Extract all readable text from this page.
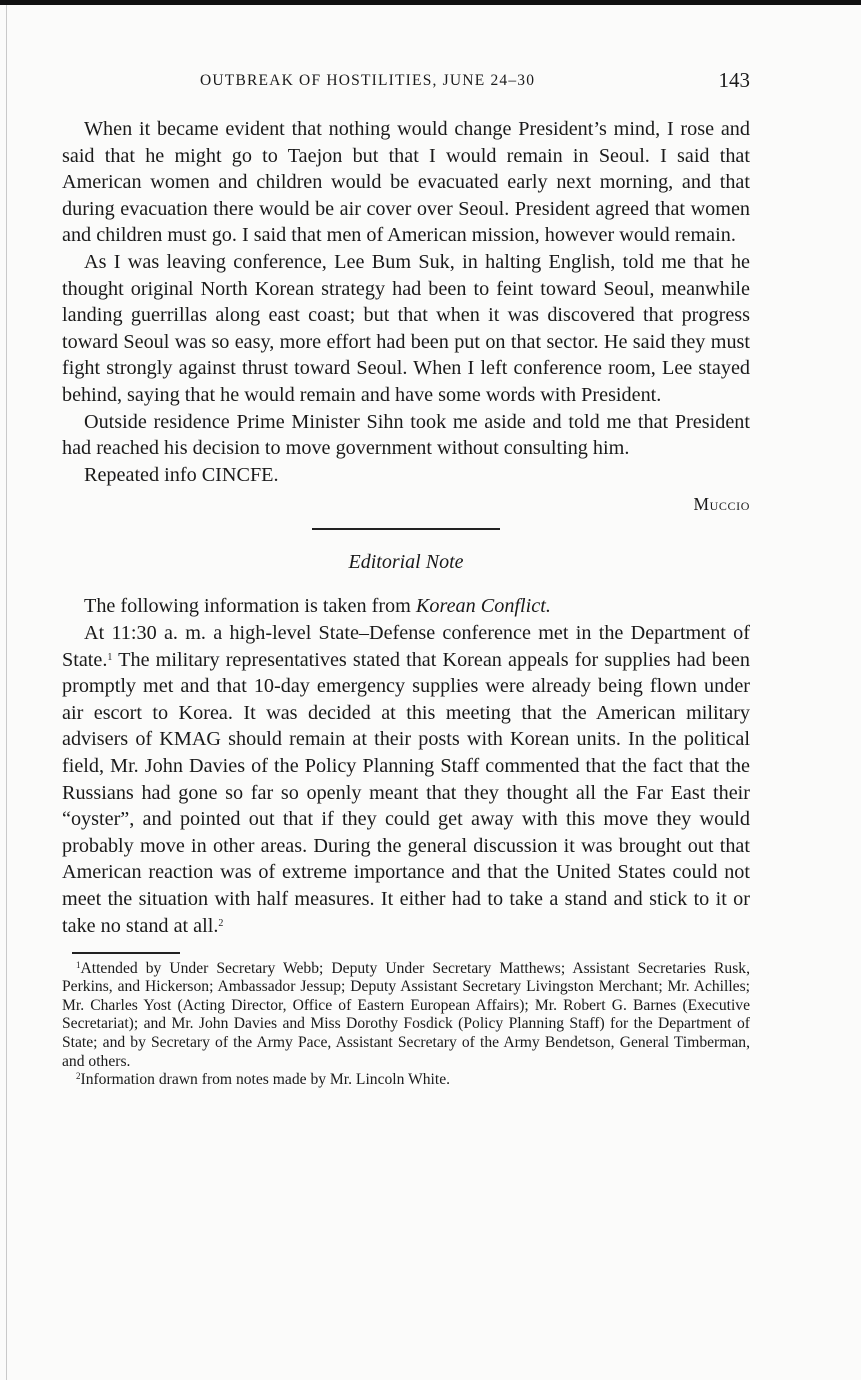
OUTBREAK OF HOSTILITIES, JUNE 24–30	143

When it became evident that nothing would change President’s mind, I rose and said that he might go to Taejon but that I would remain in Seoul. I said that American women and children would be evacuated early next morning, and that during evacuation there would be air cover over Seoul. President agreed that women and children must go. I said that men of American mission, however would remain.

As I was leaving conference, Lee Bum Suk, in halting English, told me that he thought original North Korean strategy had been to feint toward Seoul, meanwhile landing guerrillas along east coast; but that when it was discovered that progress toward Seoul was so easy, more effort had been put on that sector. He said they must fight strongly against thrust toward Seoul. When I left conference room, Lee stayed behind, saying that he would remain and have some words with President.

Outside residence Prime Minister Sihn took me aside and told me that President had reached his decision to move government without consulting him.

Repeated info CINCFE.

Muccio
Editorial Note

The following information is taken from Korean Conflict.

At 11:30 a. m. a high-level State–Defense conference met in the Department of State.$^1$ The military representatives stated that Korean appeals for supplies had been promptly met and that 10-day emergency supplies were already being flown under air escort to Korea. It was decided at this meeting that the American military advisers of KMAG should remain at their posts with Korean units. In the political field, Mr. John Davies of the Policy Planning Staff commented that the fact that the Russians had gone so far so openly meant that they thought all the Far East their “oyster”, and pointed out that if they could get away with this move they would probably move in other areas. During the general discussion it was brought out that American reaction was of extreme importance and that the United States could not meet the situation with half measures. It either had to take a stand and stick to it or take no stand at all.$^2$

$^1$Attended by Under Secretary Webb; Deputy Under Secretary Matthews; Assistant Secretaries Rusk, Perkins, and Hickerson; Ambassador Jessup; Deputy Assistant Secretary Livingston Merchant; Mr. Achilles; Mr. Charles Yost (Acting Director, Office of Eastern European Affairs); Mr. Robert G. Barnes (Executive Secretariat); and Mr. John Davies and Miss Dorothy Fosdick (Policy Planning Staff) for the Department of State; and by Secretary of the Army Pace, Assistant Secretary of the Army Bendetson, General Timberman, and others.

$^2$Information drawn from notes made by Mr. Lincoln White.
